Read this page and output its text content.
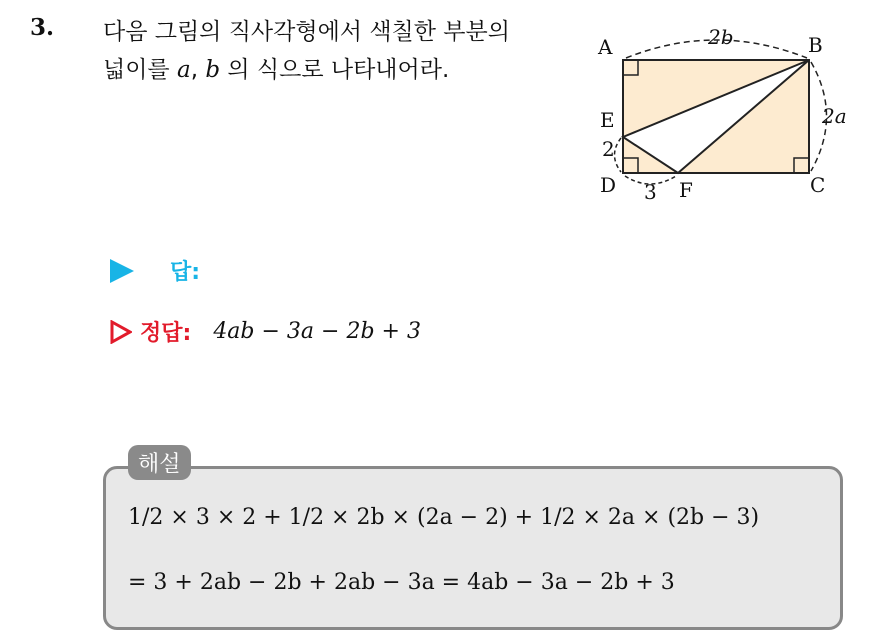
3. 다음 그림의 직사각형에서 색칠한 부분의
넓이를 a, b 의 식으로 나타내어라.
A	B
C
D
E
F
2b
2a
2
3
답:
정답: 4ab − 3a − 2b + 3
해설
1/2 × 3 × 2 + 1/2 × 2b × (2a − 2) + 1/2 × 2a × (2b − 3)
= 3 + 2ab − 2b + 2ab − 3a = 4ab − 3a − 2b + 3
